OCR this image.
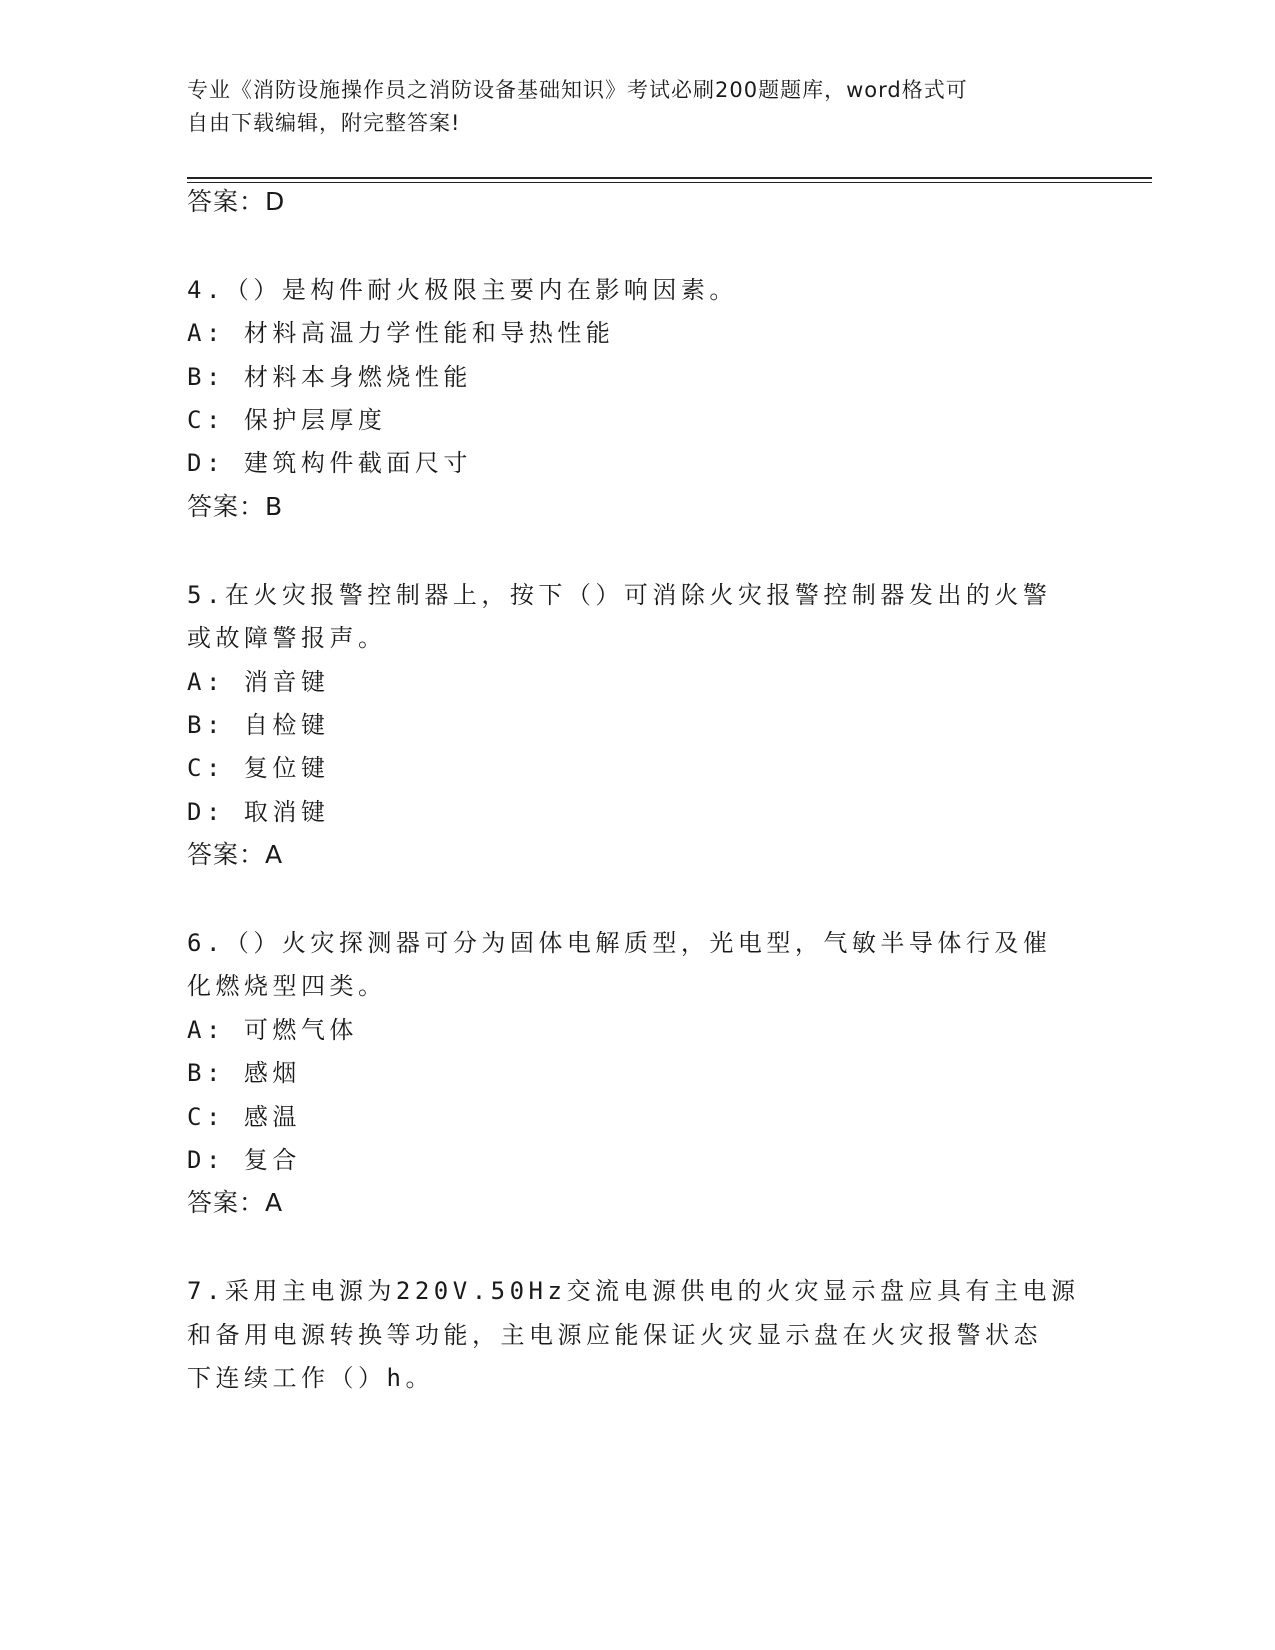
专业《消防设施操作员之消防设备基础知识》考试必刷200题题库，word格式可
自由下载编辑，附完整答案!
答案：D
4.（）是构件耐火极限主要内在影响因素。
A: 材料高温力学性能和导热性能
B: 材料本身燃烧性能
C: 保护层厚度
D: 建筑构件截面尺寸
答案：B
5.在火灾报警控制器上，按下（）可消除火灾报警控制器发出的火警
或故障警报声。
A: 消音键
B: 自检键
C: 复位键
D: 取消键
答案：A
6.（）火灾探测器可分为固体电解质型，光电型，气敏半导体行及催
化燃烧型四类。
A: 可燃气体
B: 感烟
C: 感温
D: 复合
答案：A
7.采用主电源为220V.50Hz交流电源供电的火灾显示盘应具有主电源
和备用电源转换等功能，主电源应能保证火灾显示盘在火灾报警状态
下连续工作（）h。
